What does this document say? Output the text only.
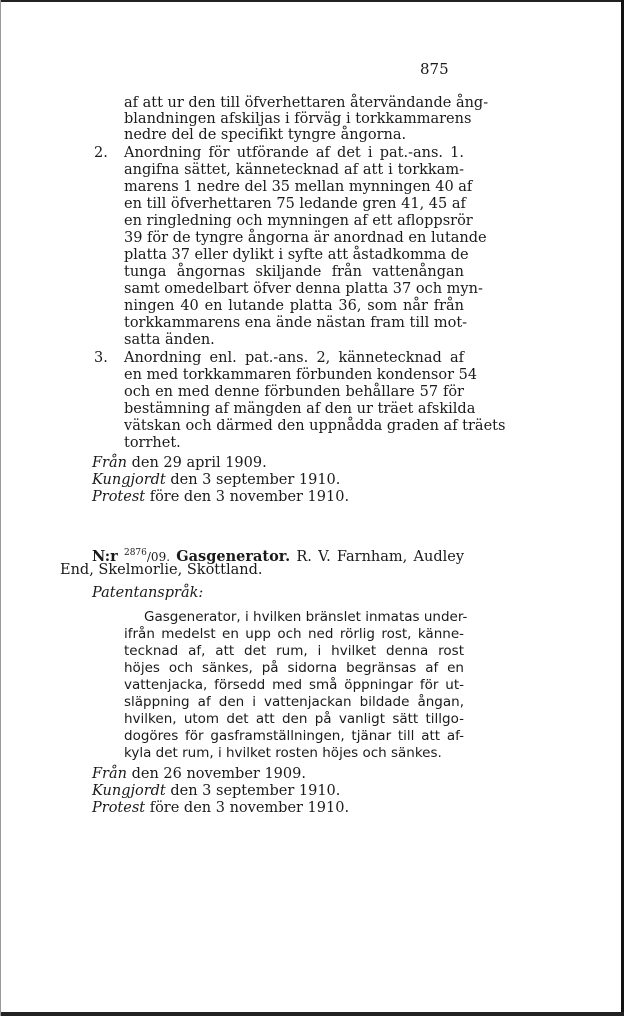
875
af att ur den till öfverhettaren återvändande ång-
blandningen afskiljas i förväg i torkkammarens
nedre del de specifikt tyngre ångorna.
2. Anordning för utförande af det i pat.-ans. 1.
angifna sättet, kännetecknad af att i torkkam-
marens 1 nedre del 35 mellan mynningen 40 af
en till öfverhettaren 75 ledande gren 41, 45 af
en ringledning och mynningen af ett afloppsrör
39 för de tyngre ångorna är anordnad en lutande
platta 37 eller dylikt i syfte att åstadkomma de
tunga ångornas skiljande från vattenångan
samt omedelbart öfver denna platta 37 och myn-
ningen 40 en lutande platta 36, som når från
torkkammarens ena ände nästan fram till mot-
satta änden.
3. Anordning enl. pat.-ans. 2, kännetecknad af
en med torkkammaren förbunden kondensor 54
och en med denne förbunden behållare 57 för
bestämning af mängden af den ur träet afskilda
vätskan och därmed den uppnådda graden af träets
torrhet.
Från den 29 april 1909.
Kungjordt den 3 september 1910.
Protest före den 3 november 1910.
N:r $^{2876}$/09. Gasgenerator. R. V. Farnham, Audley
End, Skelmorlie, Skottland.
Patentanspråk:
Gasgenerator, i hvilken bränslet inmatas under-
ifrån medelst en upp och ned rörlig rost, känne-
tecknad af, att det rum, i hvilket denna rost
höjes och sänkes, på sidorna begränsas af en
vattenjacka, försedd med små öppningar för ut-
släppning af den i vattenjackan bildade ångan,
hvilken, utom det att den på vanligt sätt tillgo-
dogöres för gasframställningen, tjänar till att af-
kyla det rum, i hvilket rosten höjes och sänkes.
Från den 26 november 1909.
Kungjordt den 3 september 1910.
Protest före den 3 november 1910.
